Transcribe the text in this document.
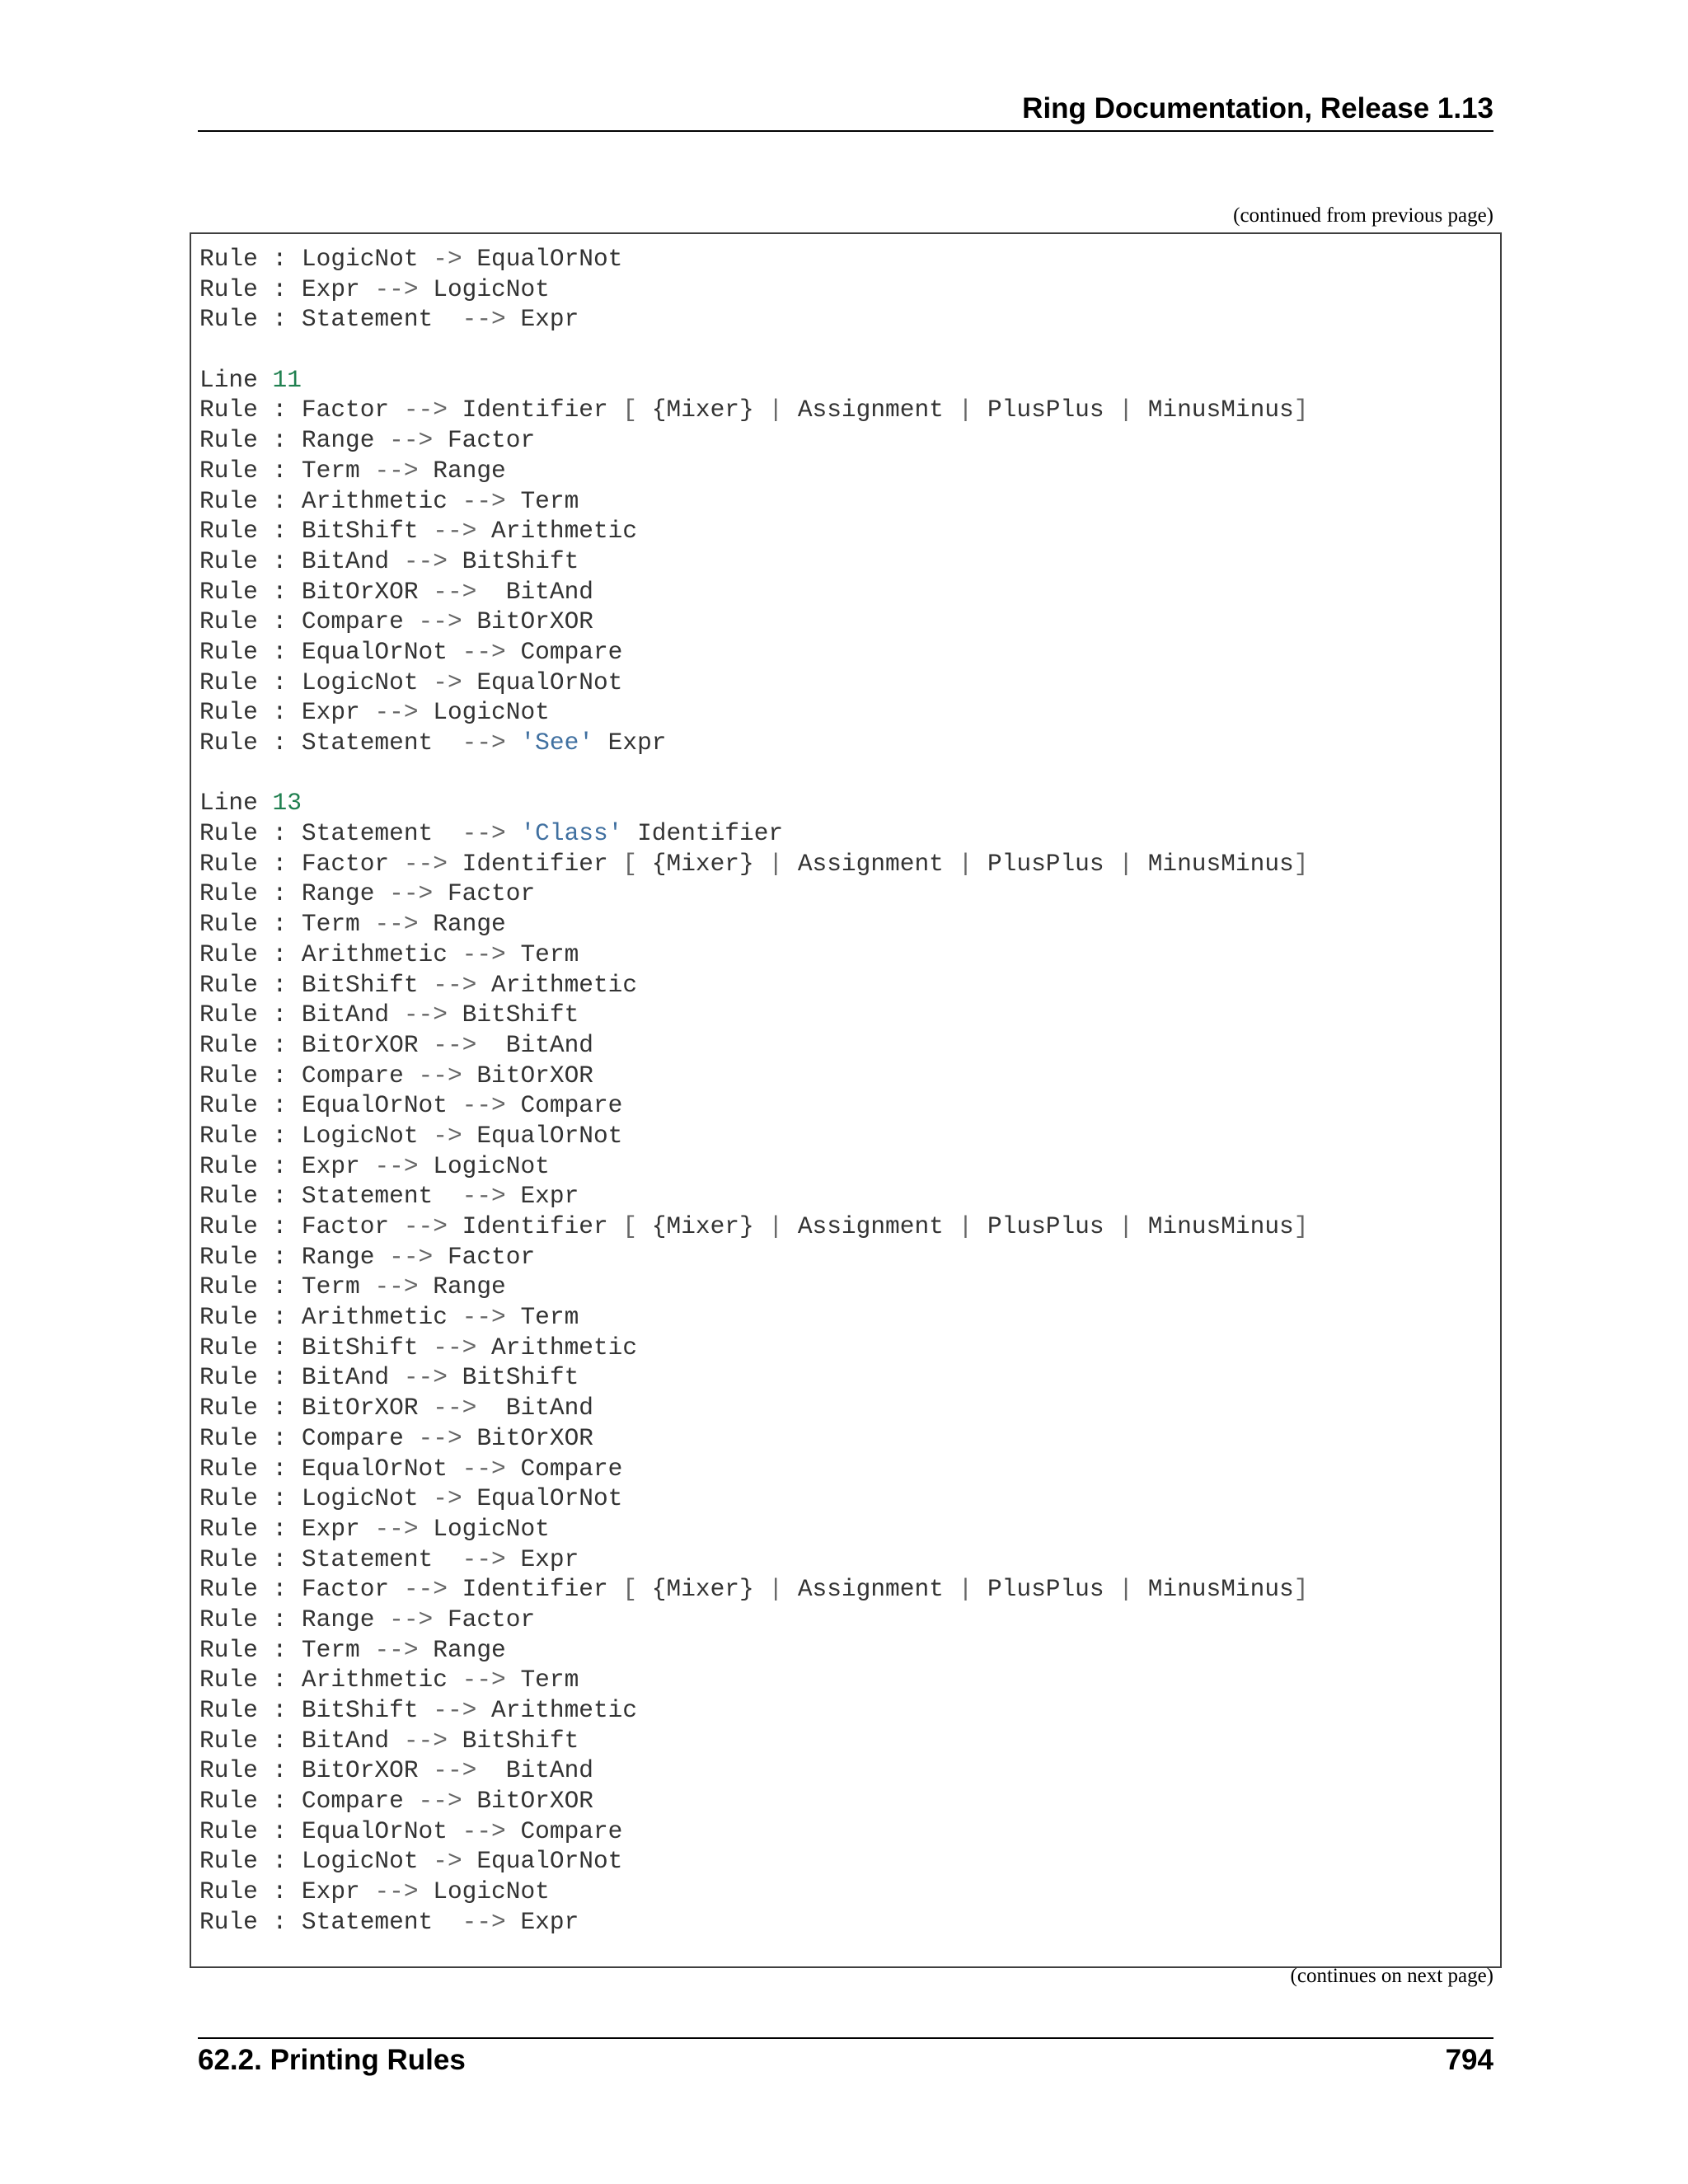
Ring Documentation, Release 1.13
(continued from previous page)
Rule : LogicNot -> EqualOrNot
Rule : Expr --> LogicNot
Rule : Statement  --> Expr
Line 11
Rule : Factor --> Identifier [ {Mixer} | Assignment | PlusPlus | MinusMinus]
Rule : Range --> Factor
Rule : Term --> Range
Rule : Arithmetic --> Term
Rule : BitShift --> Arithmetic
Rule : BitAnd --> BitShift
Rule : BitOrXOR -->  BitAnd
Rule : Compare --> BitOrXOR
Rule : EqualOrNot --> Compare
Rule : LogicNot -> EqualOrNot
Rule : Expr --> LogicNot
Rule : Statement  --> 'See' Expr
Line 13
Rule : Statement  --> 'Class' Identifier
Rule : Factor --> Identifier [ {Mixer} | Assignment | PlusPlus | MinusMinus]
Rule : Range --> Factor
Rule : Term --> Range
Rule : Arithmetic --> Term
Rule : BitShift --> Arithmetic
Rule : BitAnd --> BitShift
Rule : BitOrXOR -->  BitAnd
Rule : Compare --> BitOrXOR
Rule : EqualOrNot --> Compare
Rule : LogicNot -> EqualOrNot
Rule : Expr --> LogicNot
Rule : Statement  --> Expr
Rule : Factor --> Identifier [ {Mixer} | Assignment | PlusPlus | MinusMinus]
Rule : Range --> Factor
Rule : Term --> Range
Rule : Arithmetic --> Term
Rule : BitShift --> Arithmetic
Rule : BitAnd --> BitShift
Rule : BitOrXOR -->  BitAnd
Rule : Compare --> BitOrXOR
Rule : EqualOrNot --> Compare
Rule : LogicNot -> EqualOrNot
Rule : Expr --> LogicNot
Rule : Statement  --> Expr
Rule : Factor --> Identifier [ {Mixer} | Assignment | PlusPlus | MinusMinus]
Rule : Range --> Factor
Rule : Term --> Range
Rule : Arithmetic --> Term
Rule : BitShift --> Arithmetic
Rule : BitAnd --> BitShift
Rule : BitOrXOR -->  BitAnd
Rule : Compare --> BitOrXOR
Rule : EqualOrNot --> Compare
Rule : LogicNot -> EqualOrNot
Rule : Expr --> LogicNot
Rule : Statement  --> Expr
(continues on next page)
62.2. Printing Rules	794
